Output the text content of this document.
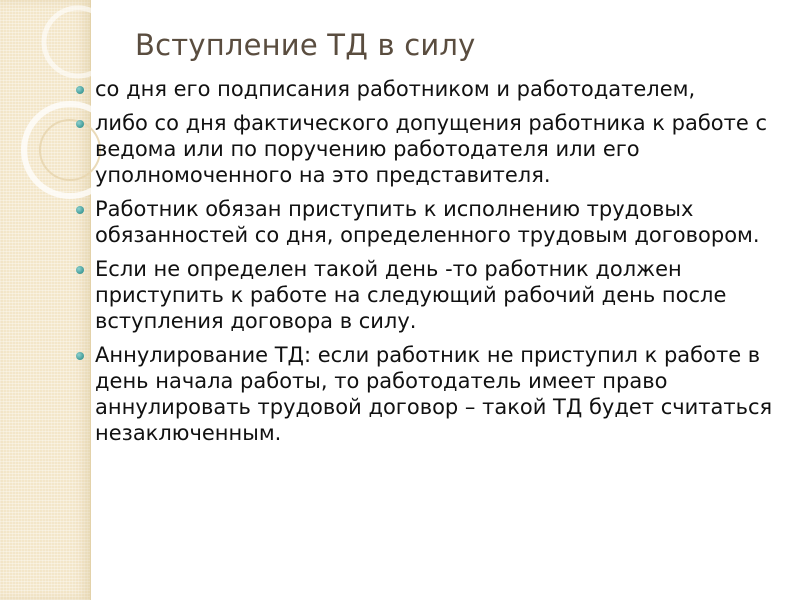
Вступление ТД в силу
со дня его подписания работником и работодателем,
либо со дня фактического допущения работника к работе с ведома или по поручению работодателя или его уполномоченного на это представителя.
Работник обязан приступить к исполнению трудовых обязанностей со дня, определенного трудовым договором.
Если не определен такой день -то работник должен приступить к работе на следующий рабочий день после вступления договора в силу.
Аннулирование ТД: если работник не приступил к работе в день начала работы, то работодатель имеет право аннулировать трудовой договор – такой ТД будет считаться незаключенным.
